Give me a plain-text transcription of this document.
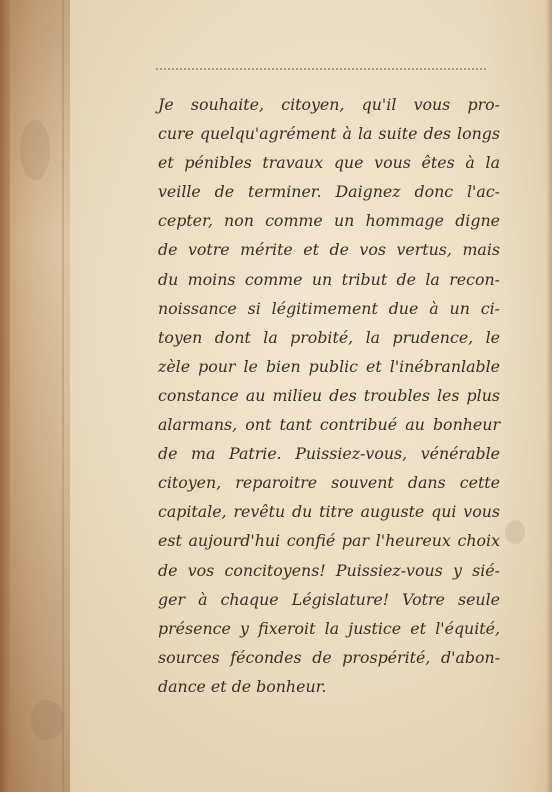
Je souhaite, citoyen, qu'il vous pro-
cure quelqu'agrément à la suite des longs
et pénibles travaux que vous êtes à la
veille de terminer. Daignez donc l'ac-
cepter, non comme un hommage digne
de votre mérite et de vos vertus, mais
du moins comme un tribut de la recon-
noissance si légitimement due à un ci-
toyen dont la probité, la prudence, le
zèle pour le bien public et l'inébranlable
constance au milieu des troubles les plus
alarmans, ont tant contribué au bonheur
de ma Patrie. Puissiez-vous, vénérable
citoyen, reparoitre souvent dans cette
capitale, revêtu du titre auguste qui vous
est aujourd'hui confié par l'heureux choix
de vos concitoyens! Puissiez-vous y sié-
ger à chaque Législature! Votre seule
présence y fixeroit la justice et l'équité,
sources fécondes de prospérité, d'abon-
dance et de bonheur.
